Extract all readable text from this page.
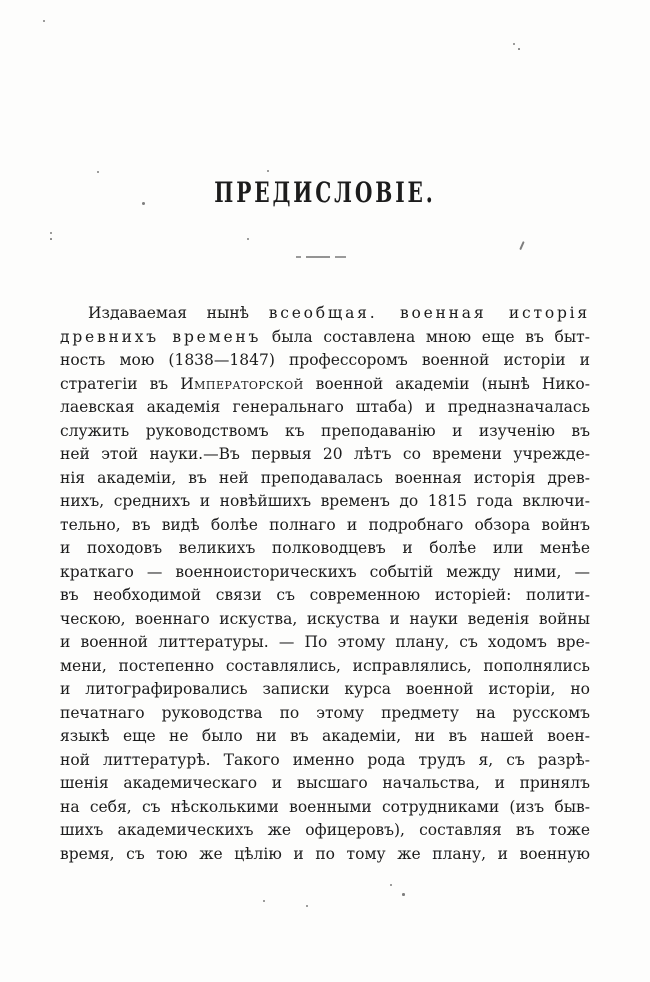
ПРЕДИСЛОВІЕ.
Издаваемая нынѣ всеобщая. военная исторія
древнихъ временъ была составлена мною еще въ быт-
ность мою (1838—1847) профессоромъ военной исторіи и
стратегіи въ Императорской военной академіи (нынѣ Нико-
лаевская академія генеральнаго штаба) и предназначалась
служить руководствомъ къ преподаванію и изученію въ
ней этой науки.—Въ первыя 20 лѣтъ со времени учрежде-
нія академіи, въ ней преподавалась военная исторія древ-
нихъ, среднихъ и новѣйшихъ временъ до 1815 года включи-
тельно, въ видѣ болѣе полнаго и подробнаго обзора войнъ
и походовъ великихъ полководцевъ и болѣе или менѣе
краткаго — военноисторическихъ событій между ними, —
въ необходимой связи съ современною исторіей: полити-
ческою, военнаго искуства, искуства и науки веденія войны
и военной литтературы. — По этому плану, съ ходомъ вре-
мени, постепенно составлялись, исправлялись, пополнялись
и литографировались записки курса военной исторіи, но
печатнаго руководства по этому предмету на русскомъ
языкѣ еще не было ни въ академіи, ни въ нашей воен-
ной литтературѣ. Такого именно рода трудъ я, съ разрѣ-
шенія академическаго и высшаго начальства, и принялъ
на себя, съ нѣсколькими военными сотрудниками (изъ быв-
шихъ академическихъ же офицеровъ), составляя въ тоже
время, съ тою же цѣлію и по тому же плану, и военную
